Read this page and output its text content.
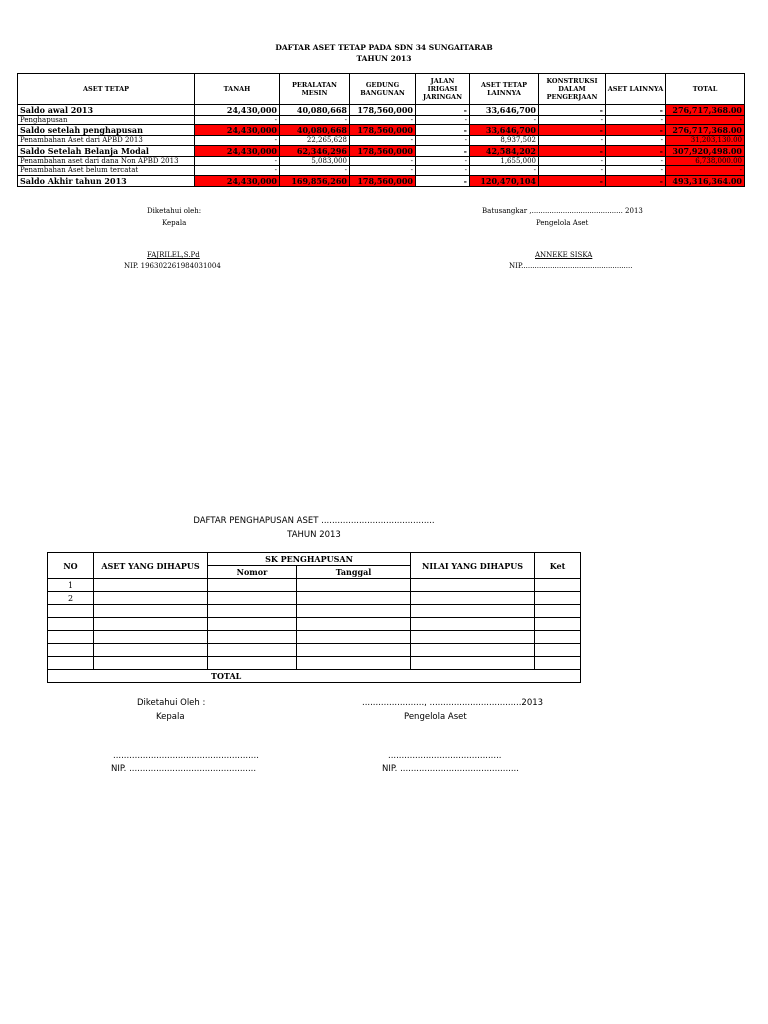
DAFTAR ASET TETAP PADA SDN 34 SUNGAITARAB
TAHUN 2013
ASET TETAP	TANAH	PERALATAN MESIN	GEDUNG BANGUNAN	JALAN IRIGASI JARINGAN	ASET TETAP LAINNYA	KONSTRUKSI DALAM PENGERJAAN	ASET LAINNYA	TOTAL
Saldo awal 2013	24,430,000	40,080,668	178,560,000	-	33,646,700	-	-	276,717,368.00
Penghapusan	-	-	-	-	-	-	-	-
Saldo setelah penghapusan	24,430,000	40,080,668	178,560,000	-	33,646,700	-	-	276,717,368.00
Penambahan Aset dari APBD 2013	-	22,265,628	-	-	8,937,502	-	-	31,203,130.00
Saldo Setelah Belanja Modal	24,430,000	62,346,296	178,560,000	-	42,584,202	-	-	307,920,498.00
Penambahan aset dari dana Non APBD 2013	-	5,083,000	-	-	1,655,000	-	-	6,738,000.00
Penambahan Aset belum tercatat	-	-	-	-	-	-	-	-
Saldo Akhir tahun 2013	24,430,000	169,856,260	178,560,000	-	120,470,104	-	-	493,316,364.00
Diketahui oleh:
Kepala
FAJRILEL,S.Pd
NIP. 196302261984031004
Batusangkar ,......................................... 2013
Pengelola Aset
ANNEKE SISKA
NIP..................................................
DAFTAR PENGHAPUSAN ASET ..........................................
TAHUN 2013
NO	ASET YANG DIHAPUS	SK PENGHAPUSAN		NILAI YANG DIHAPUS	Ket
		Nomor	Tanggal		
1					
2					

TOTAL					
Diketahui Oleh :
Kepala
......................., ..................................2013
Pengelola Aset
......................................................
NIP. ...............................................
..........................................
NIP. ............................................
